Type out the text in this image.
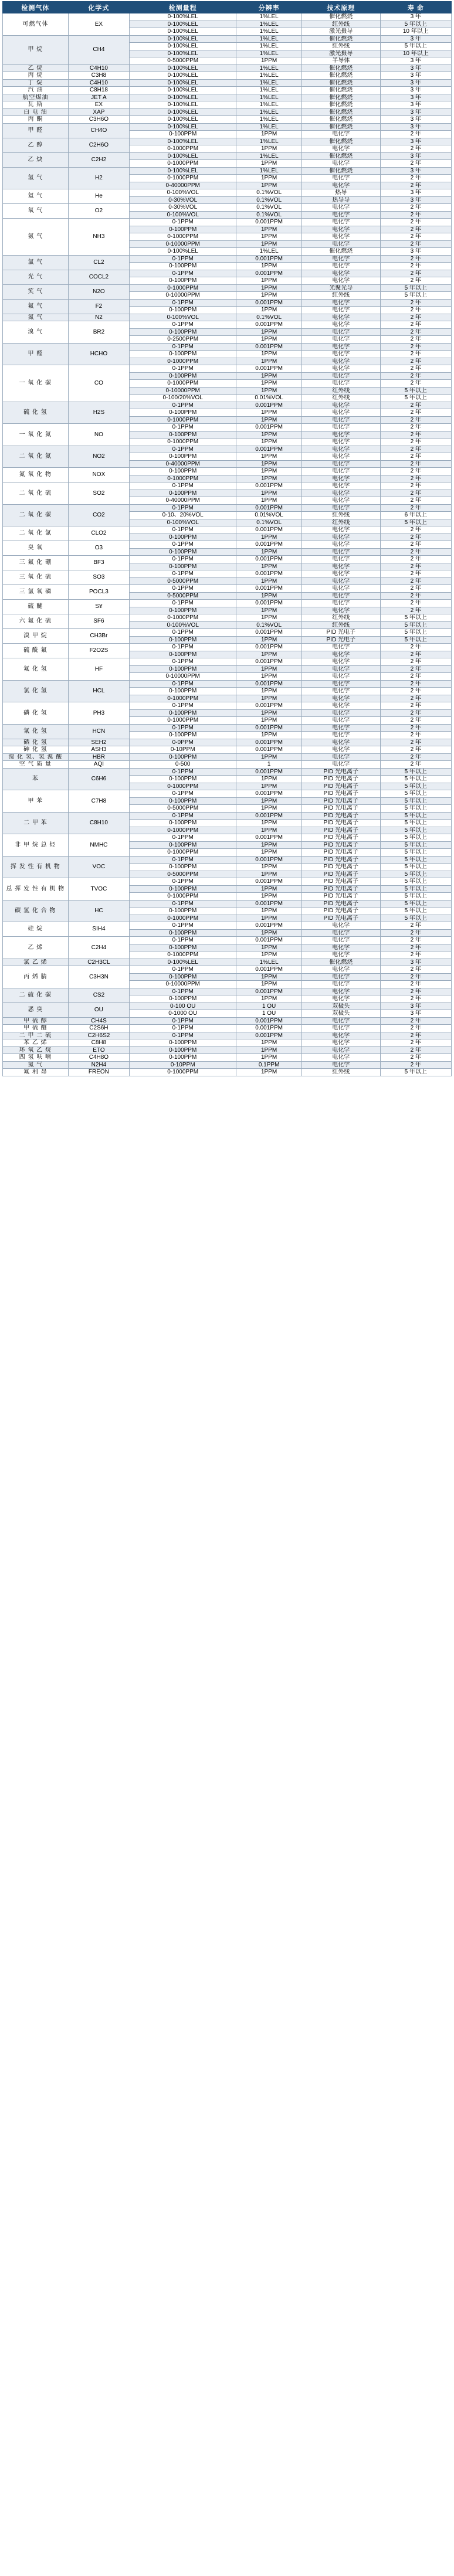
检测气体	化学式	检测量程	分辨率	技术原理	寿 命
可燃气体	EX	0-100%LEL	1%LEL	催化燃烧	3 年
		0-100%LEL	1%LEL	红外线	5 年以上
		0-100%LEL	1%LEL	激光摄导	10 年以上
甲 烷	CH4	0-100%LEL	1%LEL	催化燃烧	3 年
		0-100%LEL	1%LEL	红外线	5 年以上
		0-100%LEL	1%LEL	激光摄导	10 年以上
		0-5000PPM	1PPM	半导体	3 年
乙 烷	C4H10	0-100%LEL	1%LEL	催化燃烧	3 年
丙 烷	C3H8	0-100%LEL	1%LEL	催化燃烧	3 年
丁 烷	C4H10	0-100%LEL	1%LEL	催化燃烧	3 年
汽 油	C8H18	0-100%LEL	1%LEL	催化燃烧	3 年
航空煤油	JET A	0-100%LEL	1%LEL	催化燃烧	3 年
瓦 斯	EX	0-100%LEL	1%LEL	催化燃烧	3 年
白 电 油	XAP	0-100%LEL	1%LEL	催化燃烧	3 年
丙 酮	C3H6O	0-100%LEL	1%LEL	催化燃烧	3 年
甲 醛	CH4O	0-100%LEL	1%LEL	催化燃烧	3 年
		0-100PPM	1PPM	电化学	2 年
乙 醇	C2H6O	0-100%LEL	1%LEL	催化燃烧	3 年
		0-1000PPM	1PPM	电化学	2 年
乙 炔	C2H2	0-100%LEL	1%LEL	催化燃烧	3 年
		0-1000PPM	1PPM	电化学	2 年
氢 气	H2	0-100%LEL	1%LEL	催化燃烧	3 年
		0-1000PPM	1PPM	电化学	2 年
		0-40000PPM	1PPM	电化学	2 年
氦 气	He	0-100%VOL	0.1%VOL	热导	3 年
		0-30%VOL	0.1%VOL	热导导	3 年
氧 气	O2	0-30%VOL	0.1%VOL	电化学	2 年
		0-100%VOL	0.1%VOL	电化学	2 年
氨 气	NH3	0-1PPM	0.001PPM	电化学	2 年
		0-100PPM	1PPM	电化学	2 年
		0-1000PPM	1PPM	电化学	2 年
		0-10000PPM	1PPM	电化学	2 年
		0-100%LEL	1%LEL	催化燃烧	3 年
氯 气	CL2	0-1PPM	0.001PPM	电化学	2 年
		0-100PPM	1PPM	电化学	2 年
光 气	COCL2	0-1PPM	0.001PPM	电化学	2 年
		0-100PPM	1PPM	电化学	2 年
笑 气	N2O	0-1000PPM	1PPM	光聚光导	5 年以上
		0-10000PPM	1PPM	红外线	5 年以上
氟 气	F2	0-1PPM	0.001PPM	电化学	2 年
		0-100PPM	1PPM	电化学	2 年
氮 气	N2	0-100%VOL	0.1%VOL	电化学	2 年
溴 气	BR2	0-1PPM	0.001PPM	电化学	2 年
		0-100PPM	1PPM	电化学	2 年
		0-2500PPM	1PPM	电化学	2 年
甲 醛	HCHO	0-1PPM	0.001PPM	电化学	2 年
		0-100PPM	1PPM	电化学	2 年
		0-1000PPM	1PPM	电化学	2 年
一 氧 化 碳	CO	0-1PPM	0.001PPM	电化学	2 年
		0-100PPM	1PPM	电化学	2 年
		0-1000PPM	1PPM	电化学	2 年
		0-10000PPM	1PPM	红外线	5 年以上
		0-100/20%VOL	0.01%VOL	红外线	5 年以上
硫 化 氢	H2S	0-1PPM	0.001PPM	电化学	2 年
		0-100PPM	1PPM	电化学	2 年
		0-1000PPM	1PPM	电化学	2 年
一 氧 化 氮	NO	0-1PPM	0.001PPM	电化学	2 年
		0-100PPM	1PPM	电化学	2 年
		0-1000PPM	1PPM	电化学	2 年
二 氧 化 氮	NO2	0-1PPM	0.001PPM	电化学	2 年
		0-100PPM	1PPM	电化学	2 年
		0-40000PPM	1PPM	电化学	2 年
氮 氧 化 物	NOX	0-100PPM	1PPM	电化学	2 年
		0-1000PPM	1PPM	电化学	2 年
二 氧 化 硫	SO2	0-1PPM	0.001PPM	电化学	2 年
		0-100PPM	1PPM	电化学	2 年
		0-40000PPM	1PPM	电化学	2 年
二 氧 化 碳	CO2	0-1PPM	0.001PPM	电化学	2 年
		0-10、20%VOL	0.01%VOL	红外线	6 年以上
		0-100%VOL	0.1%VOL	红外线	5 年以上
二 氧 化 氯	CLO2	0-1PPM	0.001PPM	电化学	2 年
		0-100PPM	1PPM	电化学	2 年
臭 氧	O3	0-1PPM	0.001PPM	电化学	2 年
		0-100PPM	1PPM	电化学	2 年
三 氟 化 硼	BF3	0-1PPM	0.001PPM	电化学	2 年
		0-100PPM	1PPM	电化学	2 年
三 氧 化 硫	SO3	0-1PPM	0.001PPM	电化学	2 年
		0-5000PPM	1PPM	电化学	2 年
三 氯 氧 磷	POCL3	0-1PPM	0.001PPM	电化学	2 年
		0-5000PPM	1PPM	电化学	2 年
硫 醚	S¥	0-1PPM	0.001PPM	电化学	2 年
		0-100PPM	1PPM	电化学	2 年
六 氟 化 硫	SF6	0-1000PPM	1PPM	红外线	5 年以上
		0-100%VOL	0.1%VOL	红外线	5 年以上
溴 甲 烷	CH3Br	0-1PPM	0.001PPM	PID 光电子	5 年以上
		0-100PPM	1PPM	PID 光电子	5 年以上
硫 酰 氟	F2O2S	0-1PPM	0.001PPM	电化学	2 年
		0-100PPM	1PPM	电化学	2 年
氟 化 氢	HF	0-1PPM	0.001PPM	电化学	2 年
		0-100PPM	1PPM	电化学	2 年
		0-10000PPM	1PPM	电化学	2 年
氯 化 氢	HCL	0-1PPM	0.001PPM	电化学	2 年
		0-100PPM	1PPM	电化学	2 年
		0-1000PPM	1PPM	电化学	2 年
磷 化 氢	PH3	0-1PPM	0.001PPM	电化学	2 年
		0-100PPM	1PPM	电化学	2 年
		0-1000PPM	1PPM	电化学	2 年
氰 化 氢	HCN	0-1PPM	0.001PPM	电化学	2 年
		0-100PPM	1PPM	电化学	2 年
硒 化 氢	SEH2	0-0PPM	0.001PPM	电化学	2 年
砷 化 氢	ASH3	0-10PPM	0.001PPM	电化学	2 年
溴 化 氢、氢 溴 酸	HBR	0-100PPM	1PPM	电化学	2 年
空 气 质 量	AQI	0-500	1	电化学	2 年
苯	C6H6	0-1PPM	0.001PPM	PID 光电离子	5 年以上
		0-100PPM	1PPM	PID 光电离子	5 年以上
		0-1000PPM	1PPM	PID 光电离子	5 年以上
甲 苯	C7H8	0-1PPM	0.001PPM	PID 光电离子	5 年以上
		0-100PPM	1PPM	PID 光电离子	5 年以上
		0-5000PPM	1PPM	PID 光电离子	5 年以上
二 甲 苯	C8H10	0-1PPM	0.001PPM	PID 光电离子	5 年以上
		0-100PPM	1PPM	PID 光电离子	5 年以上
		0-1000PPM	1PPM	PID 光电离子	5 年以上
非 甲 烷 总 烃	NMHC	0-1PPM	0.001PPM	PID 光电离子	5 年以上
		0-100PPM	1PPM	PID 光电离子	5 年以上
		0-1000PPM	1PPM	PID 光电离子	5 年以上
挥 发 性 有 机 物	VOC	0-1PPM	0.001PPM	PID 光电离子	5 年以上
		0-100PPM	1PPM	PID 光电离子	5 年以上
		0-5000PPM	1PPM	PID 光电离子	5 年以上
总 挥 发 性 有 机 物	TVOC	0-1PPM	0.001PPM	PID 光电离子	5 年以上
		0-100PPM	1PPM	PID 光电离子	5 年以上
		0-1000PPM	1PPM	PID 光电离子	5 年以上
碳 氢 化 合 物	HC	0-1PPM	0.001PPM	PID 光电离子	5 年以上
		0-100PPM	1PPM	PID 光电离子	5 年以上
		0-1000PPM	1PPM	PID 光电离子	5 年以上
硅 烷	SIH4	0-1PPM	0.001PPM	电化学	2 年
		0-100PPM	1PPM	电化学	2 年
乙 烯	C2H4	0-1PPM	0.001PPM	电化学	2 年
		0-100PPM	1PPM	电化学	2 年
		0-1000PPM	1PPM	电化学	2 年
氯 乙 烯	C2H3CL	0-100%LEL	1%LEL	催化燃烧	3 年
丙 烯 腈	C3H3N	0-1PPM	0.001PPM	电化学	2 年
		0-100PPM	1PPM	电化学	2 年
		0-10000PPM	1PPM	电化学	2 年
二 硫 化 碳	CS2	0-1PPM	0.001PPM	电化学	2 年
		0-100PPM	1PPM	电化学	2 年
恶 臭	OU	0-100 OU	1 OU	双极头	3 年
		0-1000 OU	1 OU	双极头	3 年
甲 硫 醇	CH4S	0-1PPM	0.001PPM	电化学	2 年
甲 硫 醚	C2S6H	0-1PPM	0.001PPM	电化学	2 年
二 甲 二 硫	C2H6S2	0-1PPM	0.001PPM	电化学	2 年
苯 乙 烯	C8H8	0-100PPM	1PPM	电化学	2 年
环 氧 乙 烷	ETO	0-100PPM	1PPM	电化学	2 年
四 氢 呋 喃	C4H8O	0-100PPM	1PPM	电化学	2 年
氮 气	N2H4	0-10PPM	0.1PPM	电化学	2 年
氟 利 昂	FREON	0-1000PPM	1PPM	红外线	5 年以上
